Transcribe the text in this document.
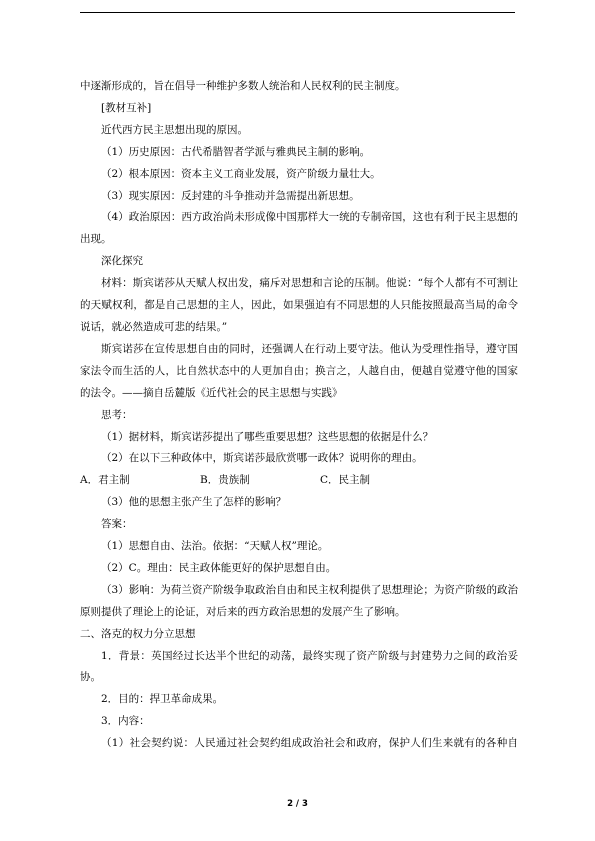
中逐渐形成的，旨在倡导一种维护多数人统治和人民权利的民主制度。

[教材互补]

近代西方民主思想出现的原因。

（1）历史原因：古代希腊智者学派与雅典民主制的影响。

（2）根本原因：资本主义工商业发展，资产阶级力量壮大。

（3）现实原因：反封建的斗争推动并急需提出新思想。

（4）政治原因：西方政治尚未形成像中国那样大一统的专制帝国，这也有利于民主思想的出现。

深化探究

材料：斯宾诺莎从天赋人权出发，痛斥对思想和言论的压制。他说：“每个人都有不可割让的天赋权利，都是自己思想的主人，因此，如果强迫有不同思想的人只能按照最高当局的命令说话，就必然造成可悲的结果。”

斯宾诺莎在宣传思想自由的同时，还强调人在行动上要守法。他认为受理性指导，遵守国家法令而生活的人，比自然状态中的人更加自由；换言之，人越自由，便越自觉遵守他的国家的法令。——摘自岳麓版《近代社会的民主思想与实践》

思考：

（1）据材料，斯宾诺莎提出了哪些重要思想？这些思想的依据是什么？

（2）在以下三种政体中，斯宾诺莎最欣赏哪一政体？说明你的理由。

A．君主制	B．贵族制	C．民主制

（3）他的思想主张产生了怎样的影响？

答案：

（1）思想自由、法治。依据：“天赋人权”理论。

（2）C。理由：民主政体能更好的保护思想自由。

（3）影响：为荷兰资产阶级争取政治自由和民主权利提供了思想理论；为资产阶级的政治原则提供了理论上的论证，对后来的西方政治思想的发展产生了影响。

二、洛克的权力分立思想

1．背景：英国经过长达半个世纪的动荡，最终实现了资产阶级与封建势力之间的政治妥协。

2．目的：捍卫革命成果。

3．内容：

（1）社会契约说：人民通过社会契约组成政治社会和政府，保护人们生来就有的各种自

2 / 3
